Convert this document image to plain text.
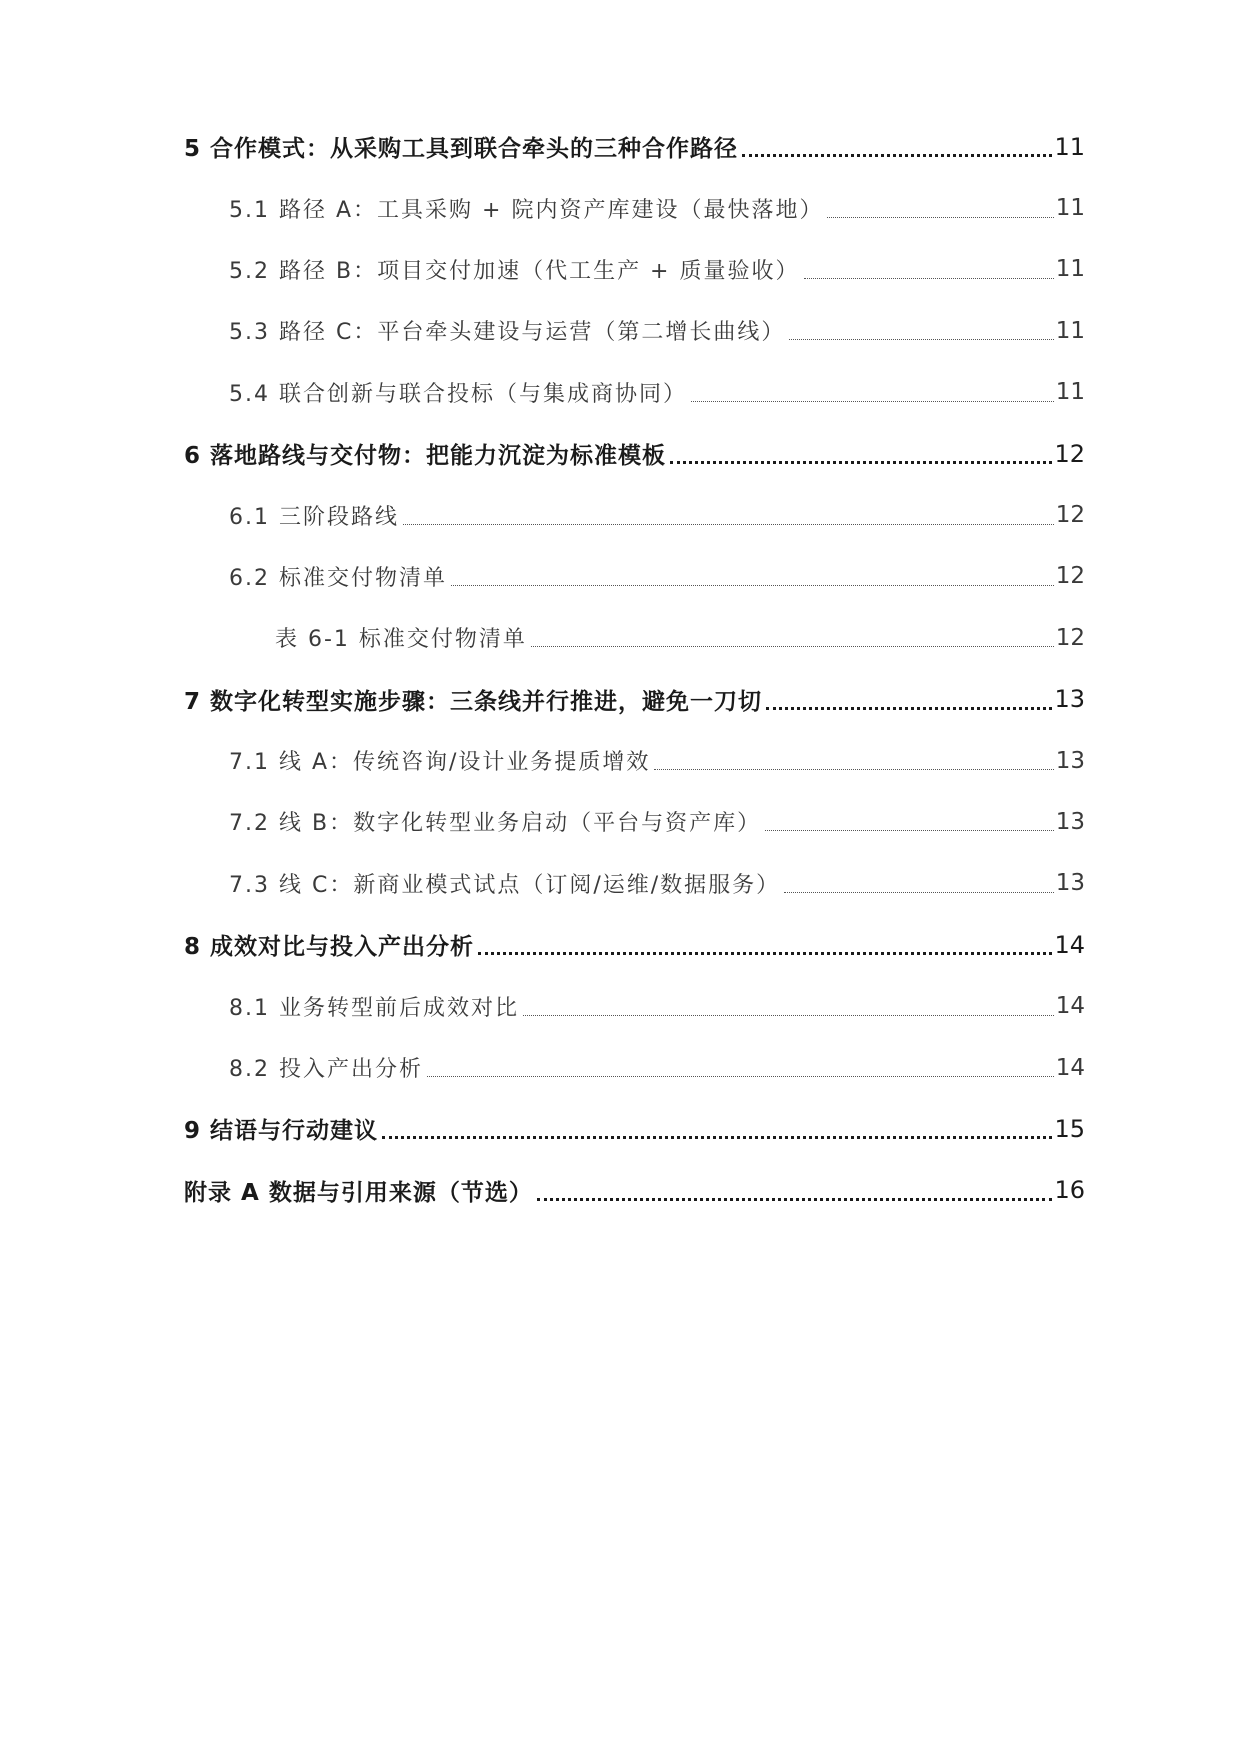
5 合作模式：从采购工具到联合牵头的三种合作路径	11
5.1 路径 A：工具采购 + 院内资产库建设（最快落地）	11
5.2 路径 B：项目交付加速（代工生产 + 质量验收）	11
5.3 路径 C：平台牵头建设与运营（第二增长曲线）	11
5.4 联合创新与联合投标（与集成商协同）	11
6 落地路线与交付物：把能力沉淀为标准模板	12
6.1 三阶段路线	12
6.2 标准交付物清单	12
表 6-1 标准交付物清单	12
7 数字化转型实施步骤：三条线并行推进，避免一刀切	13
7.1 线 A：传统咨询/设计业务提质增效	13
7.2 线 B：数字化转型业务启动（平台与资产库）	13
7.3 线 C：新商业模式试点（订阅/运维/数据服务）	13
8 成效对比与投入产出分析	14
8.1 业务转型前后成效对比	14
8.2 投入产出分析	14
9 结语与行动建议	15
附录 A 数据与引用来源（节选）	16
